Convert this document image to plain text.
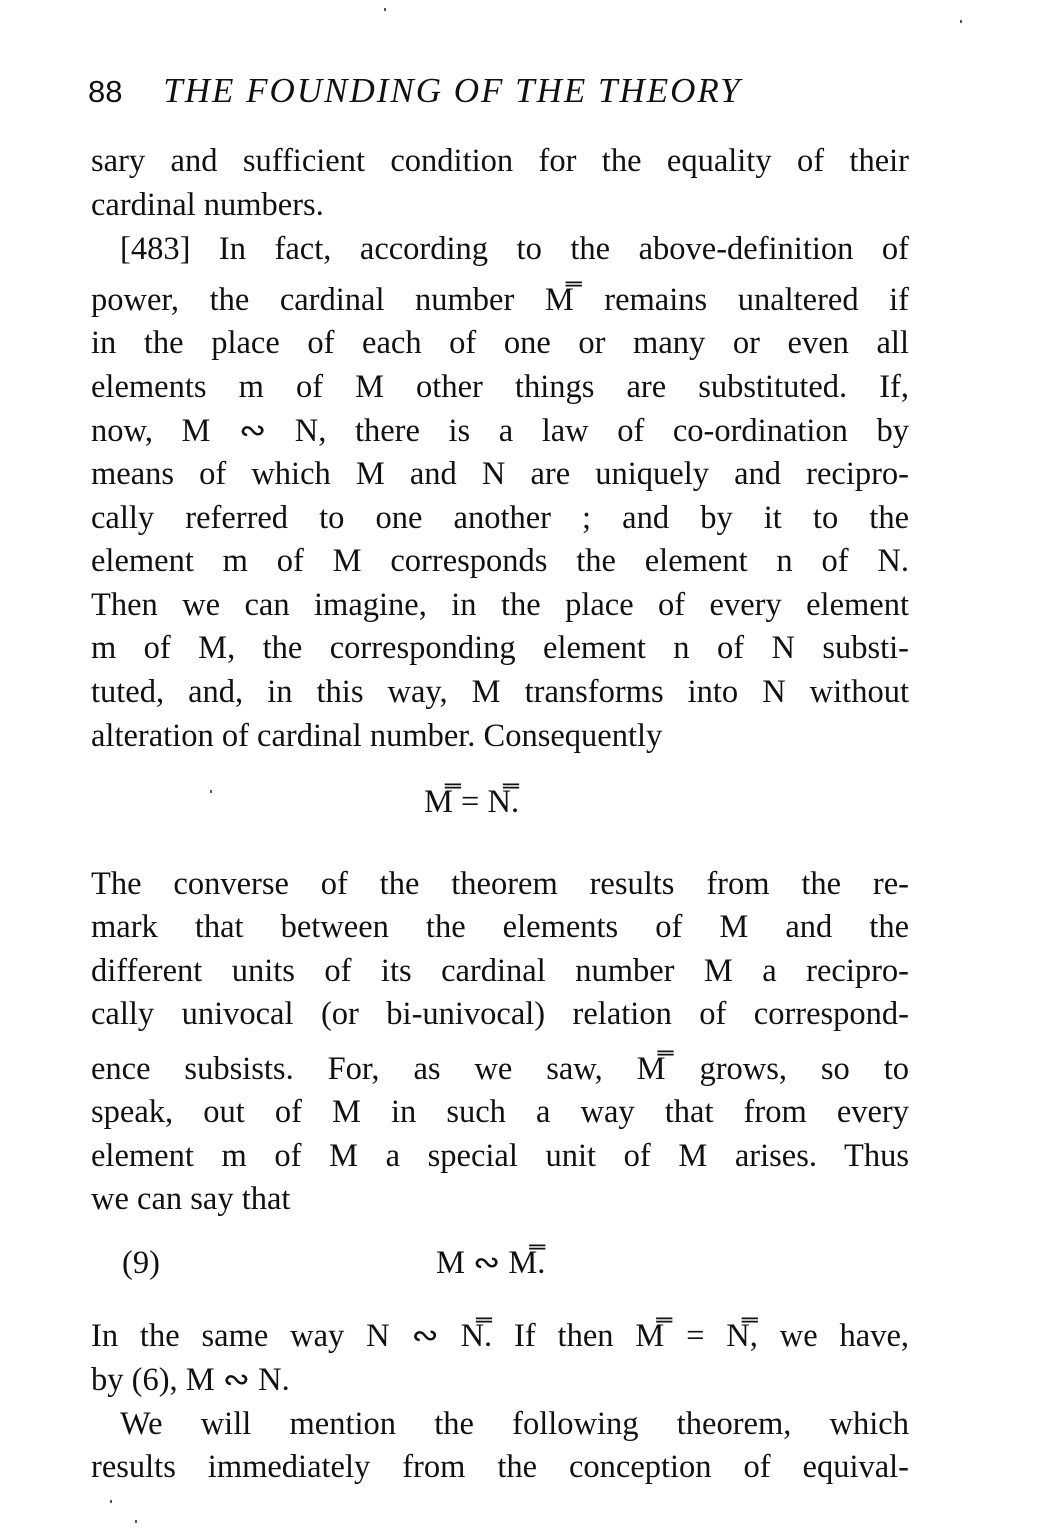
88 THE FOUNDING OF THE THEORY
sary and sufficient condition for the equality of their
cardinal numbers.
[483] In fact, according to the above-definition of
power, the cardinal number M̿ remains unaltered if
in the place of each of one or many or even all
elements m of M other things are substituted. If,
now, M ∾ N, there is a law of co-ordination by
means of which M and N are uniquely and recipro-
cally referred to one another ; and by it to the
element m of M corresponds the element n of N.
Then we can imagine, in the place of every element
m of M, the corresponding element n of N substi-
tuted, and, in this way, M transforms into N without
alteration of cardinal number. Consequently
M̿ = N̿.
The converse of the theorem results from the re-
mark that between the elements of M and the
different units of its cardinal number M a recipro-
cally univocal (or bi-univocal) relation of correspond-
ence subsists. For, as we saw, M̿ grows, so to
speak, out of M in such a way that from every
element m of M a special unit of M arises. Thus
we can say that
(9)	M ∾ M̿.
In the same way N ∾ N̿. If then M̿ = N̿, we have,
by (6), M ∾ N.
We will mention the following theorem, which
results immediately from the conception of equival-
